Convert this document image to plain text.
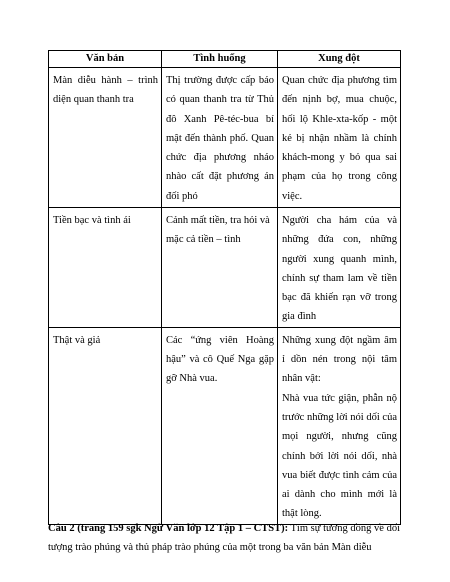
Văn bản	Tình huống	Xung đột
Màn diễu hành – trình diện quan thanh tra	Thị trường được cấp báo có quan thanh tra từ Thủ đô Xanh Pê-téc-bua bí mật đến thành phố. Quan chức địa phương nháo nhào cất đặt phương án đối phó	Quan chức địa phương tìm đến nịnh bợ, mua chuộc, hối lộ Khle-xta-kốp - một kẻ bị nhận nhầm là chính khách-mong y bỏ qua sai phạm của họ trong công việc.

Tiền bạc và tình ái	Cảnh mất tiền, tra hỏi và mặc cả tiền – tình	Người cha hám của và những đứa con, những người xung quanh mình, chính sự tham lam về tiền bạc đã khiến rạn vỡ trong gia đình

Thật và giả	Các “ứng viên Hoàng hậu” và cô Quế Nga gặp gỡ Nhà vua.	Những xung đột ngầm âm ỉ dồn nén trong nội tâm nhân vật:
Nhà vua tức giận, phẫn nộ trước những lời nói dối của mọi người, nhưng cũng chính bởi lời nói dối, nhà vua biết được tình cảm của ai dành cho mình mới là thật lòng.
Câu 2 (trang 159 sgk Ngữ Văn lớp 12 Tập 1 – CTST): Tìm sự tương đồng về đối tượng trào phúng và thủ pháp trào phúng của một trong ba văn bản Màn diễu
